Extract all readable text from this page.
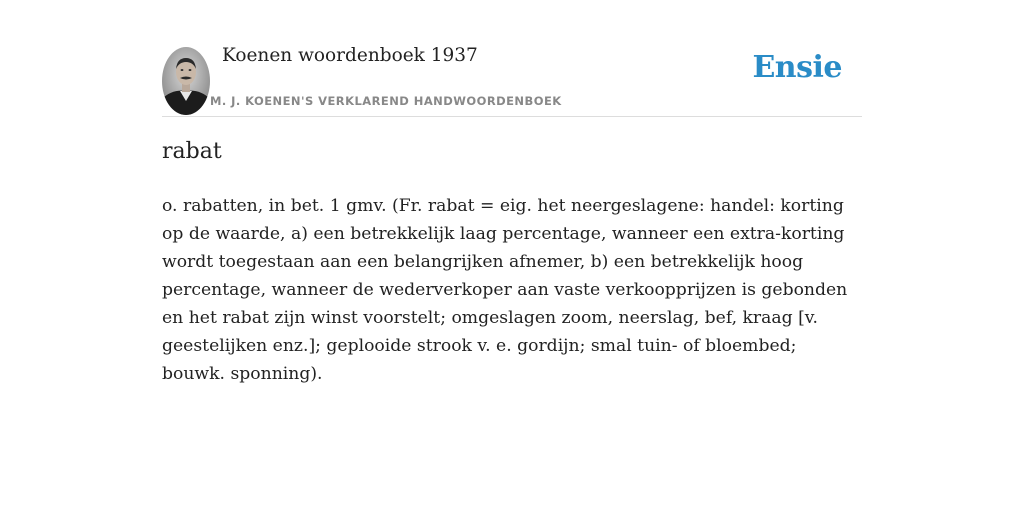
Koenen woordenboek 1937
M. J. KOENEN'S VERKLAREND HANDWOORDENBOEK
Ensie
rabat

o. rabatten, in bet. 1 gmv. (Fr. rabat = eig. het neergeslagene: handel: korting op de waarde, a) een betrekkelijk laag percentage, wanneer een extra-korting wordt toegestaan aan een belangrijken afnemer, b) een betrekkelijk hoog percentage, wanneer de wederverkoper aan vaste verkoopprijzen is gebonden en het rabat zijn winst voorstelt; omgeslagen zoom, neerslag, bef, kraag [v. geestelijken enz.]; geplooide strook v. e. gordijn; smal tuin- of bloembed; bouwk. sponning).
